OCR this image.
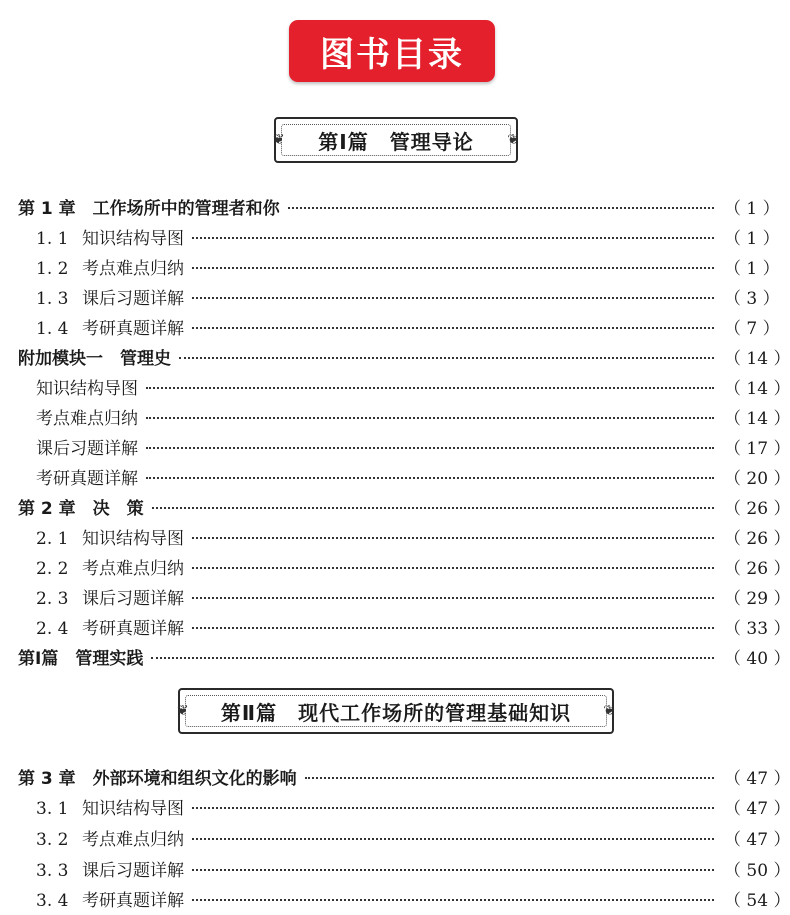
图书目录
❦	❦
第Ⅰ篇　管理导论
❦	❦
第Ⅱ篇　现代工作场所的管理基础知识
第 1 章　工作场所中的管理者和你	（ 1 ）
1. 1 知识结构导图	（ 1 ）
1. 2 考点难点归纳	（ 1 ）
1. 3 课后习题详解	（ 3 ）
1. 4 考研真题详解	（ 7 ）
附加模块一　管理史	（ 14 ）
知识结构导图	（ 14 ）
考点难点归纳	（ 14 ）
课后习题详解	（ 17 ）
考研真题详解	（ 20 ）
第 2 章　决　策	（ 26 ）
2. 1 知识结构导图	（ 26 ）
2. 2 考点难点归纳	（ 26 ）
2. 3 课后习题详解	（ 29 ）
2. 4 考研真题详解	（ 33 ）
第Ⅰ篇　管理实践	（ 40 ）
第 3 章　外部环境和组织文化的影响	（ 47 ）
3. 1 知识结构导图	（ 47 ）
3. 2 考点难点归纳	（ 47 ）
3. 3 课后习题详解	（ 50 ）
3. 4 考研真题详解	（ 54 ）
